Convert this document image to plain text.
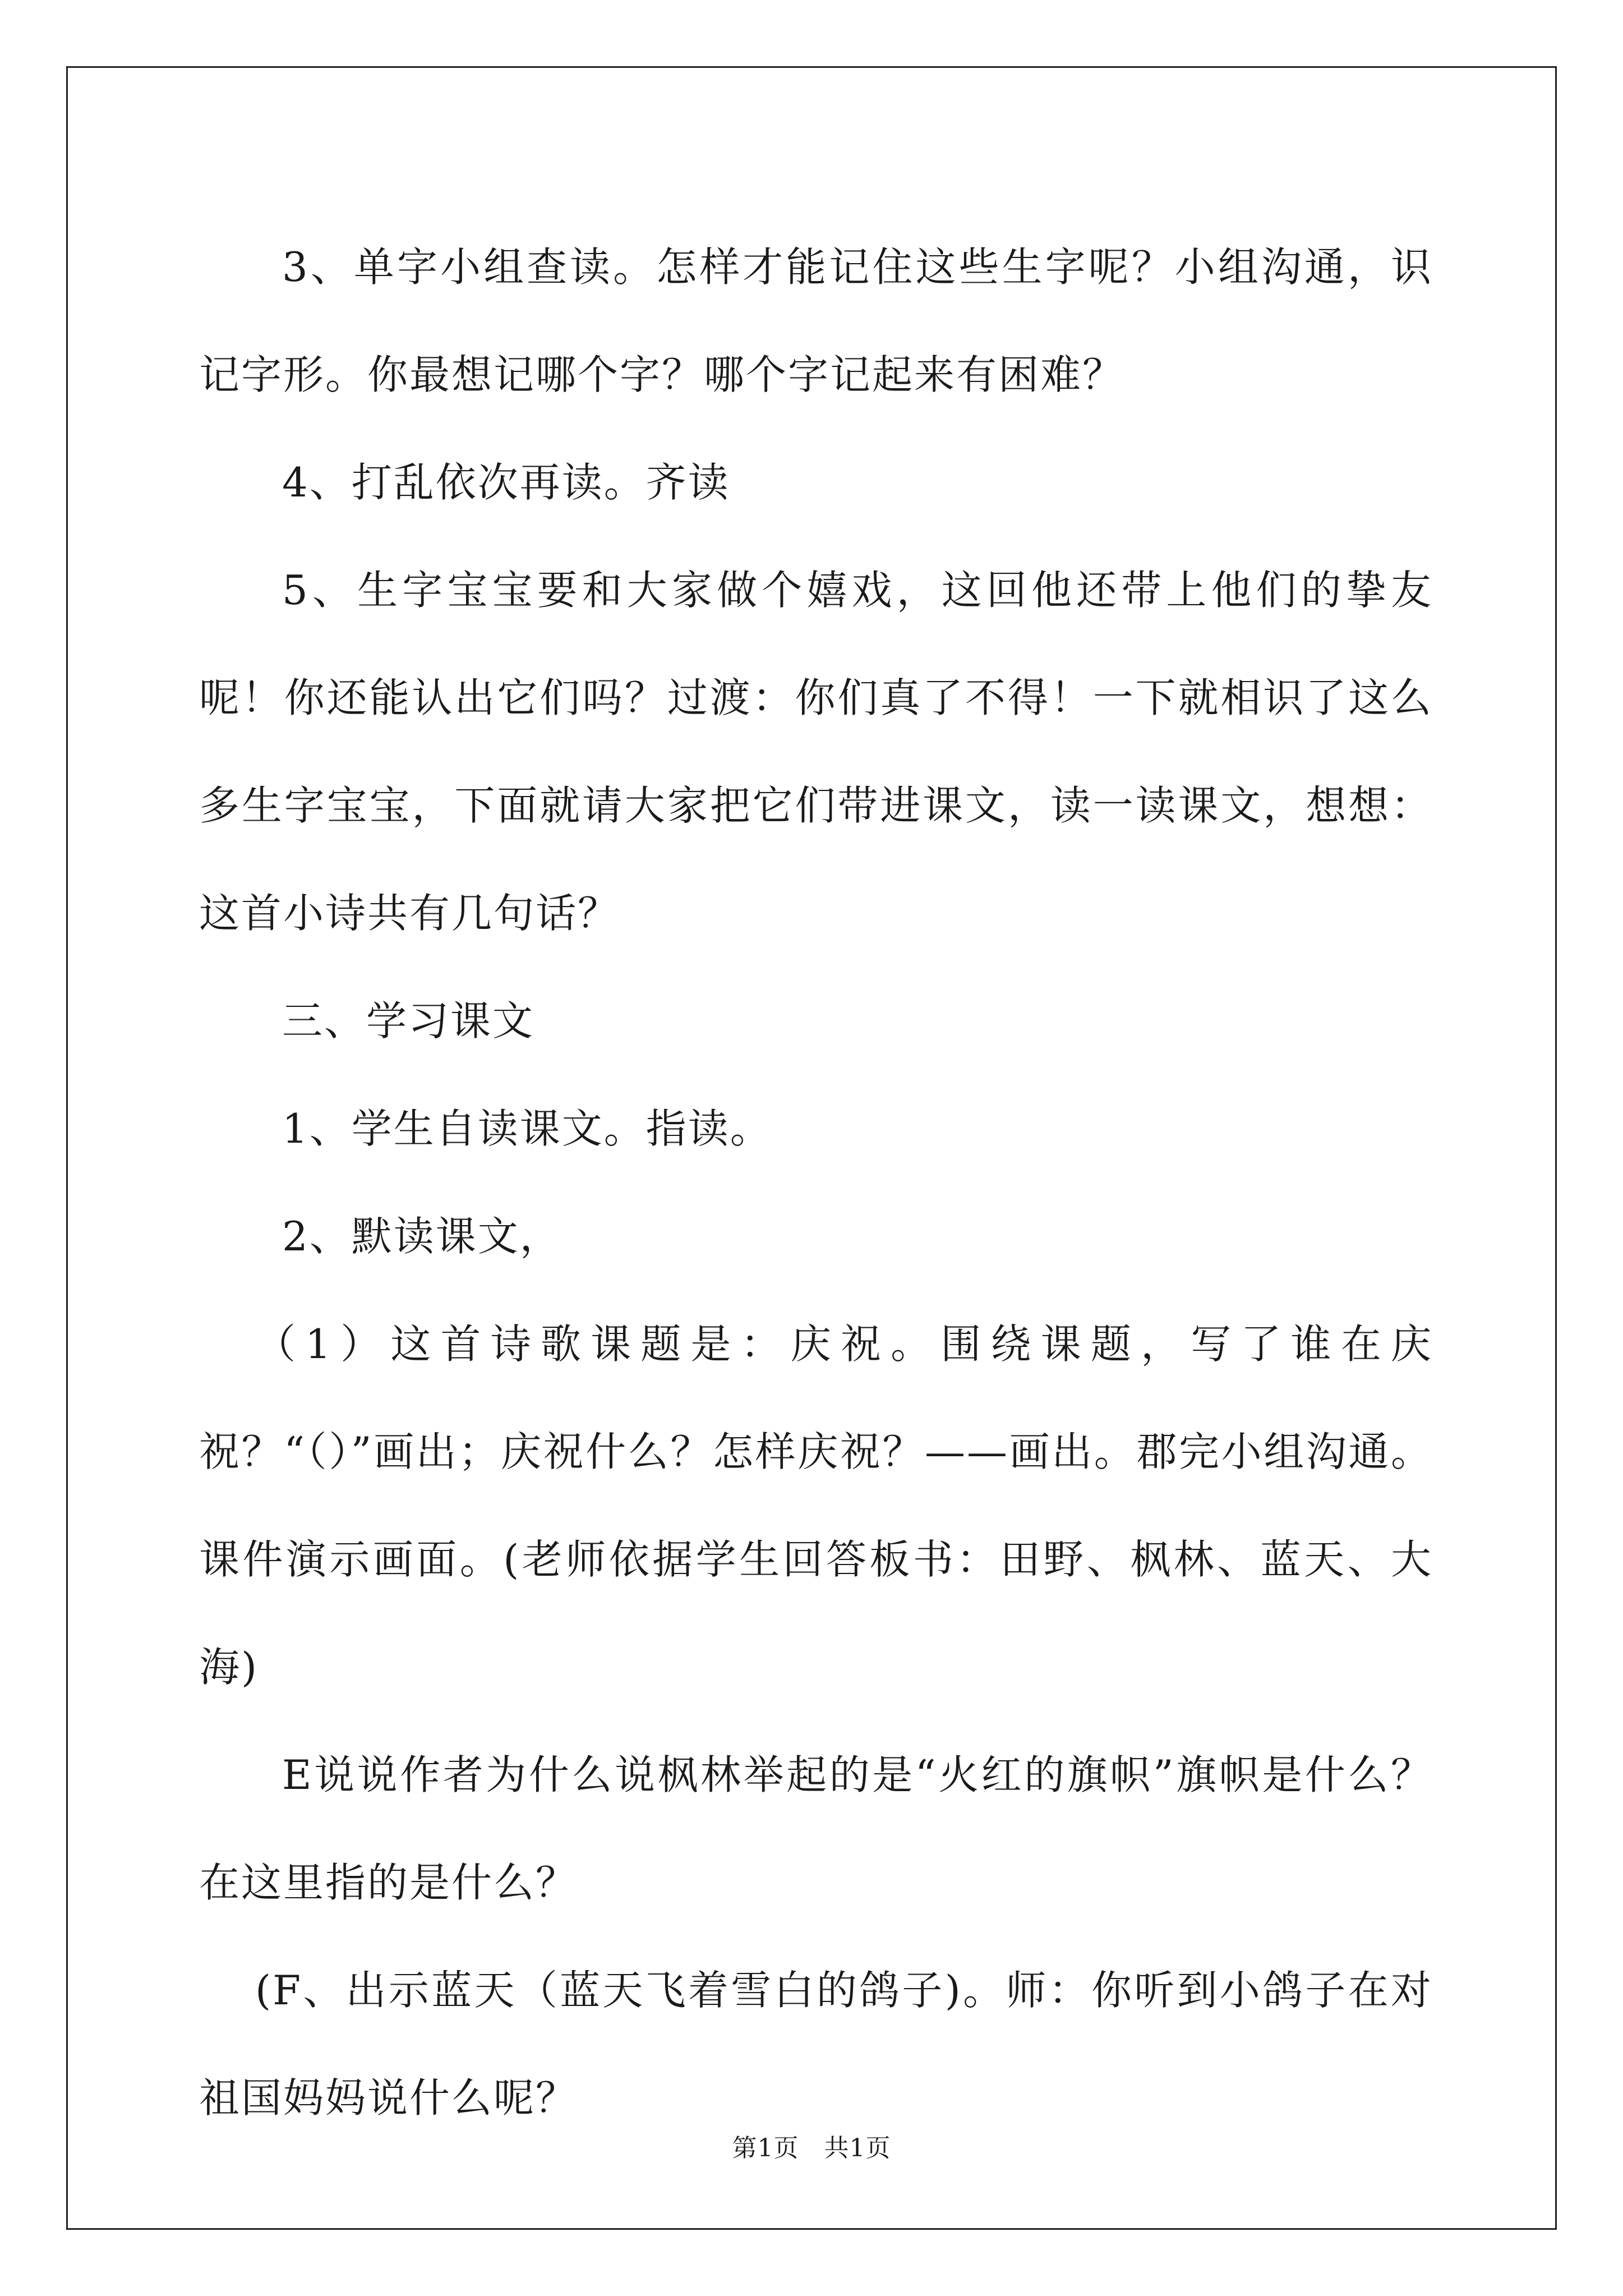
3、单字小组查读。怎样才能记住这些生字呢？小组沟通，识记字形。你最想记哪个字？哪个字记起来有困难？

4、打乱依次再读。齐读

5、生字宝宝要和大家做个嬉戏，这回他还带上他们的挚友呢！你还能认出它们吗？过渡：你们真了不得！一下就相识了这么多生字宝宝，下面就请大家把它们带进课文，读一读课文，想想：这首小诗共有几句话？

三、学习课文

1、学生自读课文。指读。

2、默读课文，

（1）这首诗歌课题是：庆祝。围绕课题，写了谁在庆祝？“（）”画出；庆祝什么？怎样庆祝？——画出。郡完小组沟通。课件演示画面。(老师依据学生回答板书：田野、枫林、蓝天、大海)

E说说作者为什么说枫林举起的是“火红的旗帜”旗帜是什么？在这里指的是什么？

(F、出示蓝天（蓝天飞着雪白的鸽子)。师：你听到小鸽子在对祖国妈妈说什么呢？

第1页　共1页
